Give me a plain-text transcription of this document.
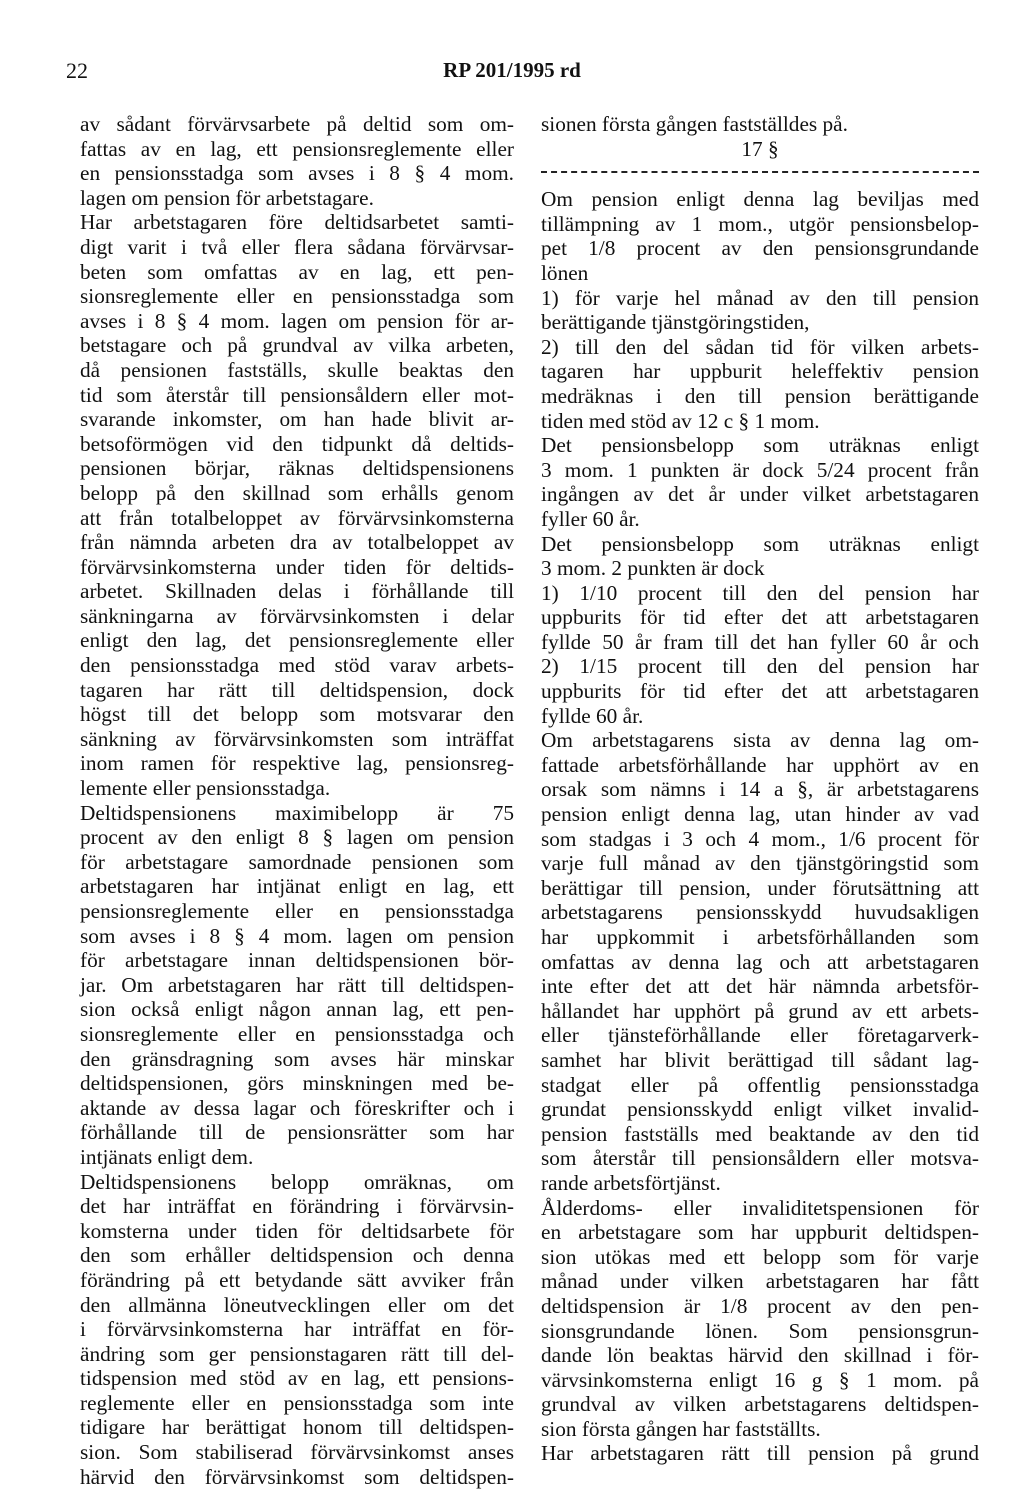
22	RP 201/1995 rd
av sådant förvärvsarbete på deltid som om-
fattas av en lag, ett pensionsreglemente eller
en pensionsstadga som avses i 8 § 4 mom.
lagen om pension för arbetstagare.
Har arbetstagaren före deltidsarbetet samti-
digt varit i två eller flera sådana förvärvsar-
beten som omfattas av en lag, ett pen-
sionsreglemente eller en pensionsstadga som
avses i 8 § 4 mom. lagen om pension för ar-
betstagare och på grundval av vilka arbeten,
då pensionen fastställs, skulle beaktas den
tid som återstår till pensionsåldern eller mot-
svarande inkomster, om han hade blivit ar-
betsoförmögen vid den tidpunkt då deltids-
pensionen börjar, räknas deltidspensionens
belopp på den skillnad som erhålls genom
att från totalbeloppet av förvärvsinkomsterna
från nämnda arbeten dra av totalbeloppet av
förvärvsinkomsterna under tiden för deltids-
arbetet. Skillnaden delas i förhållande till
sänkningarna av förvärvsinkomsten i delar
enligt den lag, det pensionsreglemente eller
den pensionsstadga med stöd varav arbets-
tagaren har rätt till deltidspension, dock
högst till det belopp som motsvarar den
sänkning av förvärvsinkomsten som inträffat
inom ramen för respektive lag, pensionsreg-
lemente eller pensionsstadga.
Deltidspensionens maximibelopp är 75
procent av den enligt 8 § lagen om pension
för arbetstagare samordnade pensionen som
arbetstagaren har intjänat enligt en lag, ett
pensionsreglemente eller en pensionsstadga
som avses i 8 § 4 mom. lagen om pension
för arbetstagare innan deltidspensionen bör-
jar. Om arbetstagaren har rätt till deltidspen-
sion också enligt någon annan lag, ett pen-
sionsreglemente eller en pensionsstadga och
den gränsdragning som avses här minskar
deltidspensionen, görs minskningen med be-
aktande av dessa lagar och föreskrifter och i
förhållande till de pensionsrätter som har
intjänats enligt dem.
Deltidspensionens belopp omräknas, om
det har inträffat en förändring i förvärvsin-
komsterna under tiden för deltidsarbete för
den som erhåller deltidspension och denna
förändring på ett betydande sätt avviker från
den allmänna löneutvecklingen eller om det
i förvärvsinkomsterna har inträffat en för-
ändring som ger pensionstagaren rätt till del-
tidspension med stöd av en lag, ett pensions-
reglemente eller en pensionsstadga som inte
tidigare har berättigat honom till deltidspen-
sion. Som stabiliserad förvärvsinkomst anses
härvid den förvärvsinkomst som deltidspen-
sionen första gången fastställdes på.
17 §
Om pension enligt denna lag beviljas med
tillämpning av 1 mom., utgör pensionsbelop-
pet 1/8 procent av den pensionsgrundande
lönen
1) för varje hel månad av den till pension
berättigande tjänstgöringstiden,
2) till den del sådan tid för vilken arbets-
tagaren har uppburit heleffektiv pension
medräknas i den till pension berättigande
tiden med stöd av 12 c § 1 mom.
Det pensionsbelopp som uträknas enligt
3 mom. 1 punkten är dock 5/24 procent från
ingången av det år under vilket arbetstagaren
fyller 60 år.
Det pensionsbelopp som uträknas enligt
3 mom. 2 punkten är dock
1) 1/10 procent till den del pension har
uppburits för tid efter det att arbetstagaren
fyllde 50 år fram till det han fyller 60 år och
2) 1/15 procent till den del pension har
uppburits för tid efter det att arbetstagaren
fyllde 60 år.
Om arbetstagarens sista av denna lag om-
fattade arbetsförhållande har upphört av en
orsak som nämns i 14 a §, är arbetstagarens
pension enligt denna lag, utan hinder av vad
som stadgas i 3 och 4 mom., 1/6 procent för
varje full månad av den tjänstgöringstid som
berättigar till pension, under förutsättning att
arbetstagarens pensionsskydd huvudsakligen
har uppkommit i arbetsförhållanden som
omfattas av denna lag och att arbetstagaren
inte efter det att det här nämnda arbetsför-
hållandet har upphört på grund av ett arbets-
eller tjänsteförhållande eller företagarverk-
samhet har blivit berättigad till sådant lag-
stadgat eller på offentlig pensionsstadga
grundat pensionsskydd enligt vilket invalid-
pension fastställs med beaktande av den tid
som återstår till pensionsåldern eller motsva-
rande arbetsförtjänst.
Ålderdoms- eller invaliditetspensionen för
en arbetstagare som har uppburit deltidspen-
sion utökas med ett belopp som för varje
månad under vilken arbetstagaren har fått
deltidspension är 1/8 procent av den pen-
sionsgrundande lönen. Som pensionsgrun-
dande lön beaktas härvid den skillnad i för-
värvsinkomsterna enligt 16 g § 1 mom. på
grundval av vilken arbetstagarens deltidspen-
sion första gången har fastställts.
Har arbetstagaren rätt till pension på grund
